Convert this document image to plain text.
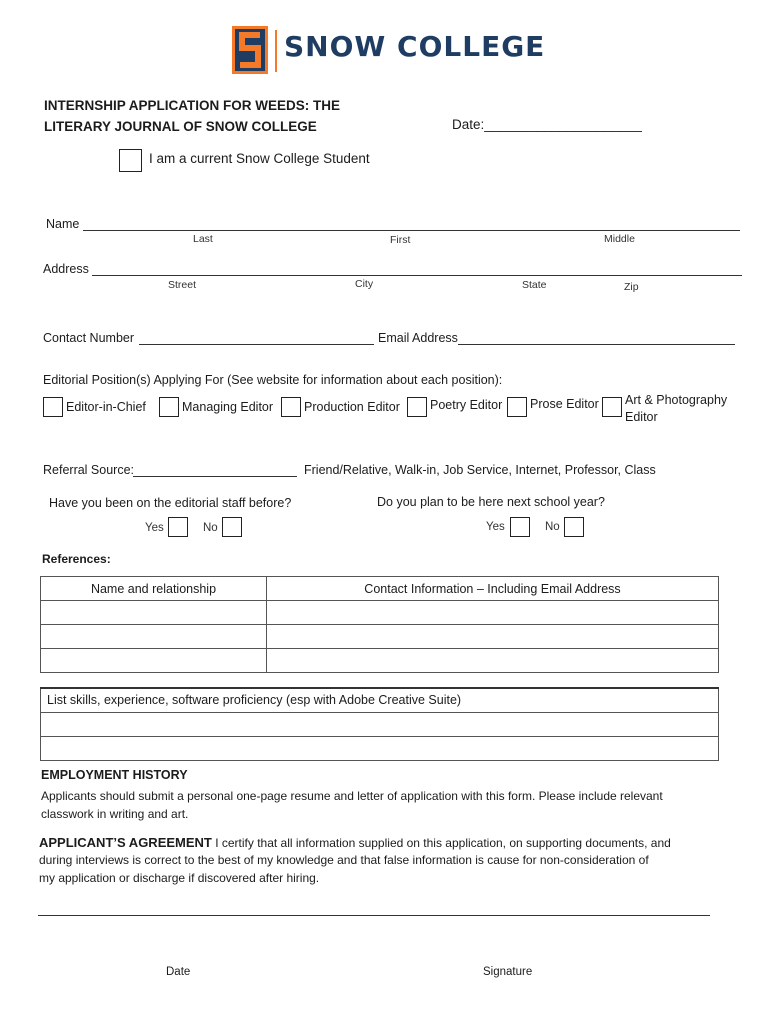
SNOW COLLEGE
INTERNSHIP APPLICATION FOR WEEDS: THE
LITERARY JOURNAL OF SNOW COLLEGE	Date:_____________________
I am a current Snow College Student
Name
Last	First	Middle
Address
Street	City	State	Zip
Contact Number	Email Address
Editorial Position(s) Applying For (See website for information about each position):
Editor-in-Chief	Managing Editor Production Editor Poetry Editor Prose Editor Art & Photography
Editor
Referral Source:	Friend/Relative, Walk-in, Job Service, Internet, Professor, Class
Have you been on the editorial staff before?
Yes	No
Do you plan to be here next school year?
Yes	No
References:
Name and relationship	Contact Information – Including Email Address

List skills, experience, software proficiency (esp with Adobe Creative Suite)

EMPLOYMENT HISTORY
Applicants should submit a personal one-page resume and letter of application with this form. Please include relevant
classwork in writing and art.
APPLICANT’S AGREEMENT I certify that all information supplied on this application, on supporting documents, and
during interviews is correct to the best of my knowledge and that false information is cause for non-consideration of
my application or discharge if discovered after hiring.
Date	Signature
